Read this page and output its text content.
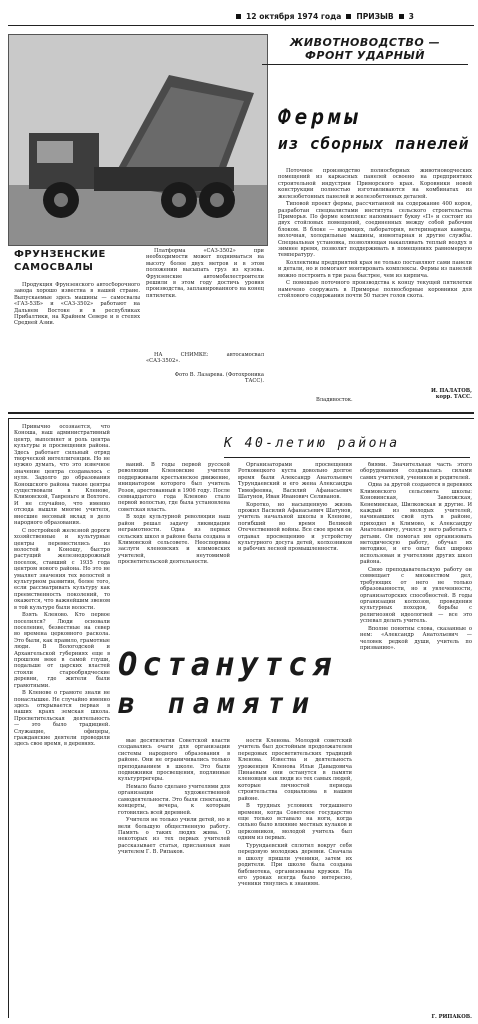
12 октября 1974 года ПРИЗЫВ 3
ЖИВОТНОВОДСТВО —
ФРОНТ УДАРНЫЙ
Фермы
из сборных панелей

Поточное производство полносборных животноводческих помещений из каркасных панелей освоено на предприятиях строительной индустрии Приморского края. Коровники новой конструкции полностью изготавливаются на комбинатах из железобетонных панелей и железобетонных деталей.

Типовой проект фермы, рассчитанной на содержание 400 коров, разработан специалистами института сельского строительства Приморья. По форме комплекс напоминает букву «П» и состоит из двух стойловых помещений, соединенных между собой рабочим блоком. В блоке — кормоцех, лаборатория, ветеринарная камера, молочная, холодильные машины, инвентарная и другие службы. Специальная установка, позволяющая накапливать теплый воздух в зимнее время, позволит поддерживать в помещениях равномерную температуру.

Коллективы предприятий края не только поставляют сами панели и детали, но и помогают монтировать комплексы. Фермы из панелей можно построить в три раза быстрее, чем из кирпича.

С помощью поточного производства к концу текущей пятилетки намечено сооружать в Приморье полносборные коровники для стойлового содержания почти 50 тысяч голов скота.

Владивосток.
И. ПАЛАТОВ,
корр. ТАСС.
ФРУНЗЕНСКИЕ
САМОСВАЛЫ

Продукция Фрунзенского автосборочного завода хорошо известна в нашей стране. Выпускаемые здесь машины — самосвалы «ГАЗ-53Б» и «САЗ-3502» работают на Дальнем Востоке и в республиках Прибалтики, на Крайнем Севере и в степях Средней Азии.

Платформа «САЗ-3502» при необходимости может подниматься на высоту более двух метров и в этом положении высыпать груз из кузова. Фрунзенские автомобилестроители решили в этом году достичь уровня производства, запланированного на конец пятилетки.

НА СНИМКЕ: автосамосвал «САЗ-3502».

Фото В. Лазарева. (Фотохроника ТАСС).
К 40-летию района

Привычно осознается, что Коноша, наш административный центр, выполняет и роль центра культуры и просвещения района. Здесь работает сильный отряд творческой интеллигенции. Но не нужно думать, что это извечное значение центра создавалось с нуля. Задолго до образования Коношского района такие центры существовали в Кленове, Климовской, Тавреньге и Вохтоге. И не случайно, что именно отсюда вышли многие учителя, внесшие весомый вклад в дело народного образования.

С постройкой железной дороги хозяйственные и культурные центры переместились из волостей в Коношу, быстро растущий железнодорожный поселок, ставший с 1935 года центром нового района. Но это не умаляет значения тех волостей в культурном развитии, более того, если рассматривать культуру как преемственность поколений, то окажется, что важнейшим звеном в той культуре были волости.

Взять Кленово. Кто первое поселился? Люди основали поселение, безвестные на север во времена церковного раскола. Это были, как правило, грамотные люди. В Вологодской и Архангельской губерниях еще в прошлом веке в самой глуши, подальше от царских властей стояли старообрядческие деревни, где жители были грамотными.

В Кленове о грамоте знали не понаслышке. Не случайно именно здесь открывается первая в наших краях земская школа. Просветительская деятельность — это было традицией. Служащие, офицеры, гражданские деятели проводили здесь свое время, в деревнях.

ваний. В годы первой русской революции Кленовские учителя поддерживали крестьянское движение, инициатором которого был учитель Розов, арестованный в 1906 году. После семнадцатого года Кленово стало первой волостью, где была установлена советская власть.

В ходе культурной революции наш район решал задачу ликвидации неграмотности. Одна из первых сельских школ в районе была создана в Климовской сельсовете. Неоспоримы заслуги кленовских и климовских учителей, неутомимой просветительской деятельности.

Организаторами просвещения Ротковецкого куста довольно долгое время были Александр Анатольевич Турундаевский и его жена Александра Тимофеевна, Василий Афанасьевич Шатунов, Иван Иванович Селиванов.

Коротко, но насыщенную жизнь прожил Василий Афанасьевич Шатунов, учитель начальной школы в Кленове, погибший во время Великой Отечественной войны. Все свое время он отдавал просвещению и устройству культурного досуга детей, колхозников и рабочих лесной промышленности.

биями. Значительная часть этого оборудования создавалась силами самих учителей, учеников и родителей.

Одна за другой создаются в деревнях Климовского сельсовета школы: Коновинская, Заволжская, Кенеминская, Шилковская и другие. И каждый из молодых учителей, начинавших свой путь в районе, приходил в Климово, к Александру Анатольевичу, учился у него работать с детьми. Он помогал им организовать методическую работу, обучал их методике, и его опыт был широко использован и учителями других школ района.

Свою преподавательскую работу он совмещает с множеством дел, требующих от него не только образованности, но и увлеченности, организаторских способностей. В годы организации колхозов, проведения культурных походов, борьбы с религиозной идеологией — все это успевал делать учитель.

Вполне понятны слова, сказанные о нем: «Александр Анатольевич — человек редкой души, учитель по призванию».

Останутся
в памяти

вые десятилетия Советской власти создавались очаги для организации системы народного образования в районе. Они не ограничивались только преподаванием в школе. Это были подвижники просвещения, подлинные культуртрегеры.

Немало было сделано учителями для организации художественной самодеятельности. Это были спектакли, концерты, вечера, к которым готовились всей деревней.

Учителя не только учили детей, но и вели большую общественную работу. Память о таких людях жива. О некоторых из тех первых учителей рассказывает статья, присланная нам учителем Г. В. Рипаков.

ности Кленова. Молодой советский учитель был достойным продолжателем передовых просветительских традиций Кленова. Известна и деятельность уроженцев Кленова Ильи Давыдовича Пинаевым они останутся в памяти кленовцев как люди из тех самых людей, которые личностей периода строительства социализма в нашем районе.

В трудных условиях тогдашнего времени, когда Советское государство еще только вставало на ноги, когда сильно было влияние местных кулаков и церковников, молодой учитель был одним из первых.

Турундаевский сплотил вокруг себя передовую молодежь деревни. Сначала в школу пришли ученики, затем их родители. При школе была создана библиотека, организованы кружки. На его уроках всегда было интересно, ученики тянулись к знаниям.

Г. РИПАКОВ.
